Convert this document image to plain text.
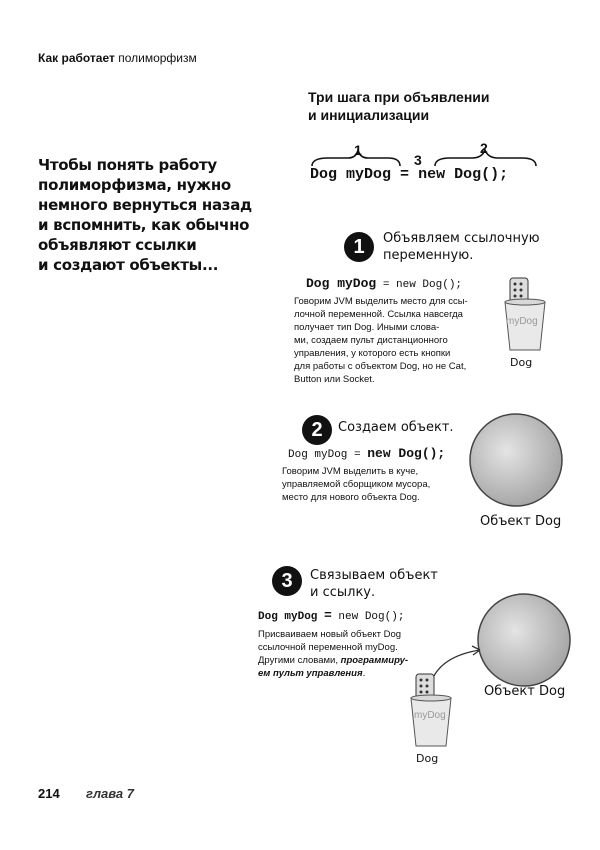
Как работает полиморфизм
Три шага при объявлении
и инициализации
Чтобы понять работу
полиморфизма, нужно
немного вернуться назад
и вспомнить, как обычно
объявляют ссылки
и создают объекты...
1
3
2
Dog myDog = new Dog();
1	Объявляем ссылочную
переменную.
Dog myDog = new Dog();
Говорим JVM выделить место для ссы-
лочной переменной. Ссылка навсегда
получает тип Dog. Иными слова-
ми, создаем пульт дистанционного
управления, у которого есть кнопки
для работы с объектом Dog, но не Cat,
Button или Socket.
myDog
Dog
2	Создаем объект.
Dog myDog = new Dog();
Говорим JVM выделить в куче,
управляемой сборщиком мусора,
место для нового объекта Dog.
Объект Dog
3	Связываем объект
и ссылку.
Dog myDog = new Dog();
Присваиваем новый объект Dog
ссылочной переменной myDog.
Другими словами, программиру-
ем пульт управления.
Объект Dog
myDog
Dog
214 глава 7
